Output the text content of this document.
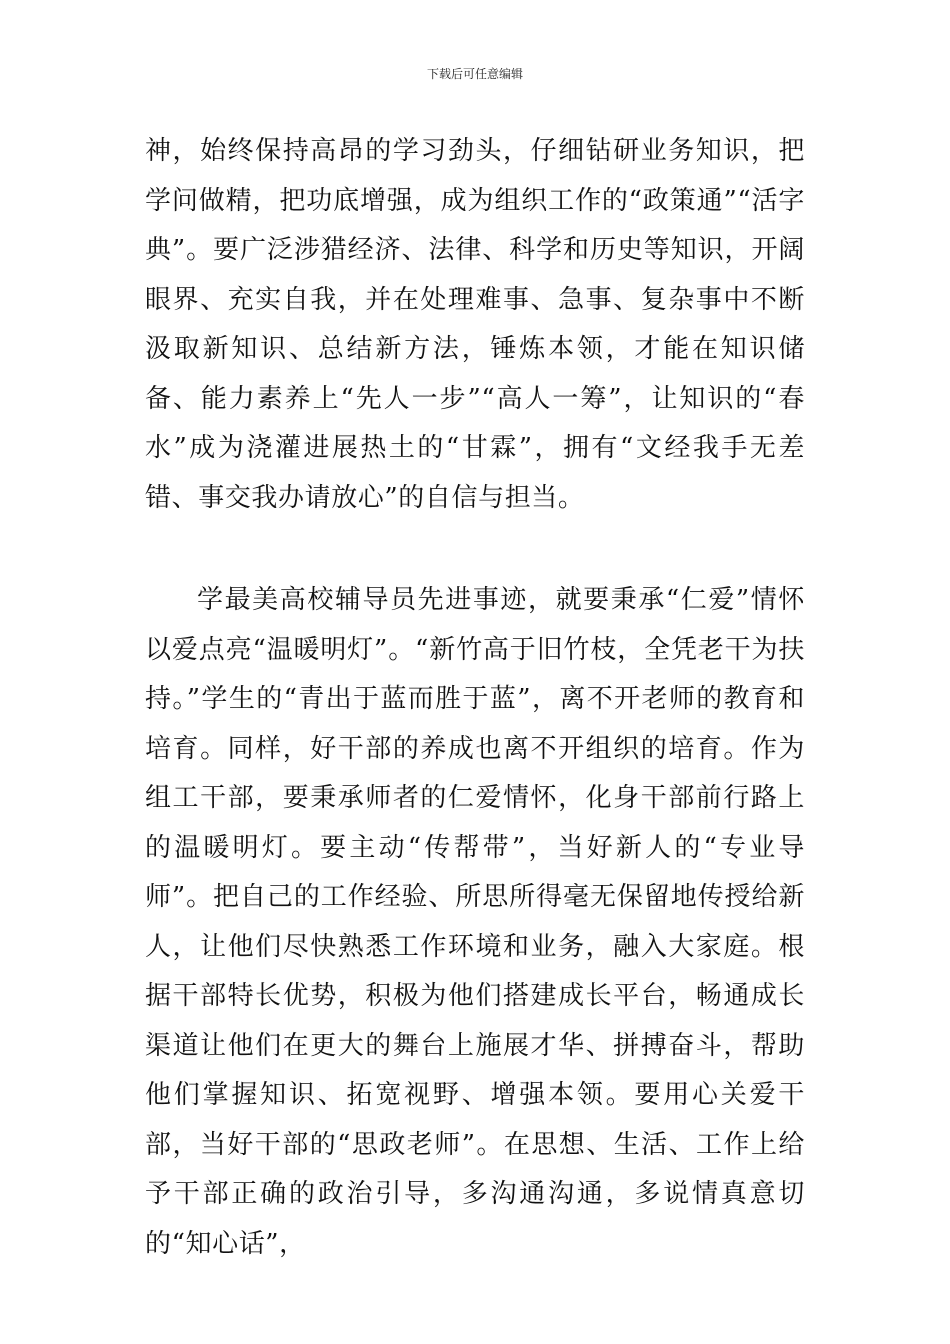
下载后可任意编辑

神，始终保持高昂的学习劲头，仔细钻研业务知识，把学问做精，把功底增强，成为组织工作的“政策通”“活字典”。要广泛涉猎经济、法律、科学和历史等知识，开阔眼界、充实自我，并在处理难事、急事、复杂事中不断汲取新知识、总结新方法，锤炼本领，才能在知识储备、能力素养上“先人一步”“高人一筹”，让知识的“春水”成为浇灌进展热土的“甘霖”，拥有“文经我手无差错、事交我办请放心”的自信与担当。

学最美高校辅导员先进事迹，就要秉承“仁爱”情怀以爱点亮“温暖明灯”。“新竹高于旧竹枝，全凭老干为扶持。”学生的“青出于蓝而胜于蓝”，离不开老师的教育和培育。同样，好干部的养成也离不开组织的培育。作为组工干部，要秉承师者的仁爱情怀，化身干部前行路上的温暖明灯。要主动“传帮带”，当好新人的“专业导师”。把自己的工作经验、所思所得毫无保留地传授给新人，让他们尽快熟悉工作环境和业务，融入大家庭。根据干部特长优势，积极为他们搭建成长平台，畅通成长渠道让他们在更大的舞台上施展才华、拼搏奋斗，帮助他们掌握知识、拓宽视野、增强本领。要用心关爱干部，当好干部的“思政老师”。在思想、生活、工作上给予干部正确的政治引导，多沟通沟通，多说情真意切的“知心话”，
